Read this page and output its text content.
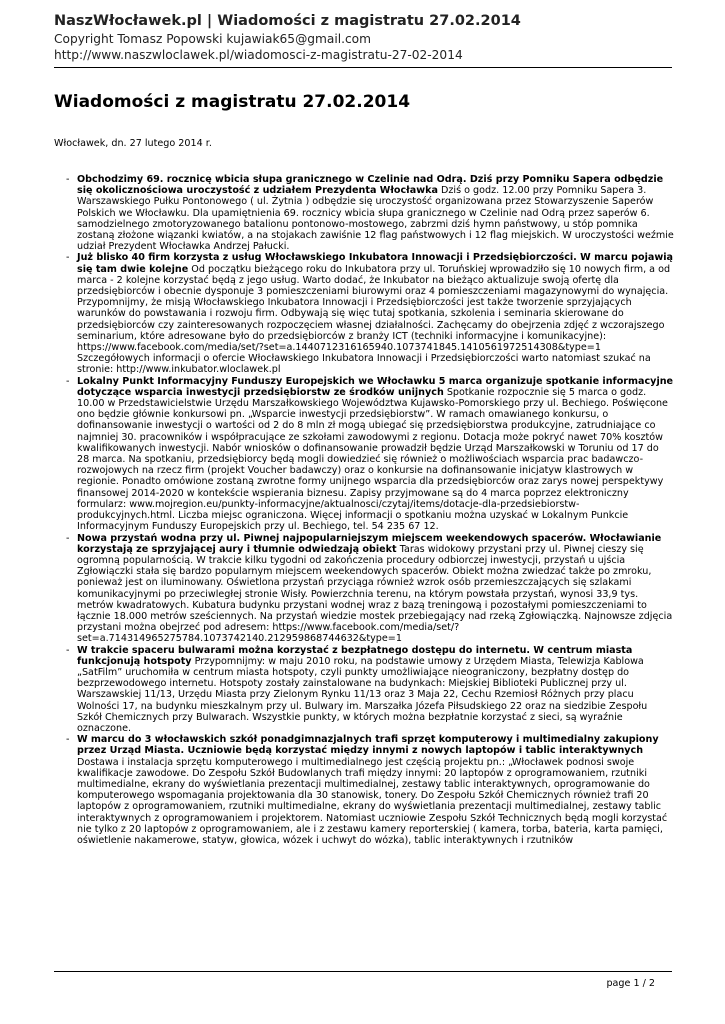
NaszWłocławek.pl | Wiadomości z magistratu 27.02.2014
Copyright Tomasz Popowski kujawiak65@gmail.com
http://www.naszwloclawek.pl/wiadomosci-z-magistratu-27-02-2014
Wiadomości z magistratu 27.02.2014
Włocławek, dn. 27 lutego 2014 r.
- Obchodzimy 69. rocznicę wbicia słupa granicznego w Czelinie nad Odrą. Dziś przy Pomniku Sapera odbędzie się okolicznościowa uroczystość z udziałem Prezydenta Włocławka Dziś o godz. 12.00 przy Pomniku Sapera 3. Warszawskiego Pułku Pontonowego ( ul. Żytnia ) odbędzie się uroczystość organizowana przez Stowarzyszenie Saperów Polskich we Włocławku. Dla upamiętnienia 69. rocznicy wbicia słupa granicznego w Czelinie nad Odrą przez saperów 6. samodzielnego zmotoryzowanego batalionu pontonowo-mostowego, zabrzmi dziś hymn państwowy, u stóp pomnika zostaną złożone wiązanki kwiatów, a na stojakach zawiśnie 12 flag państwowych i 12 flag miejskich. W uroczystości weźmie udział Prezydent Włocławka Andrzej Pałucki.
- Już blisko 40 firm korzysta z usług Włocławskiego Inkubatora Innowacji i Przedsiębiorczości. W marcu pojawią się tam dwie kolejne Od początku bieżącego roku do Inkubatora przy ul. Toruńskiej wprowadziło się 10 nowych firm, a od marca - 2 kolejne korzystać będą z jego usług. Warto dodać, że Inkubator na bieżąco aktualizuje swoją ofertę dla przedsiębiorców i obecnie dysponuje 3 pomieszczeniami biurowymi oraz 4 pomieszczeniami magazynowymi do wynajęcia. Przypomnijmy, że misją Włocławskiego Inkubatora Innowacji i Przedsiębiorczości jest także tworzenie sprzyjających warunków do powstawania i rozwoju firm. Odbywają się więc tutaj spotkania, szkolenia i seminaria skierowane do przedsiębiorców czy zainteresowanych rozpoczęciem własnej działalności. Zachęcamy do obejrzenia zdjęć z wczorajszego seminarium, które adresowane było do przedsiębiorców z branży ICT (techniki informacyjne i komunikacyjne): https://www.facebook.com/media/set/?set=a.1440712316165940.1073741845.1410561972514308&type=1 Szczegółowych informacji o ofercie Włocławskiego Inkubatora Innowacji i Przedsiębiorczości warto natomiast szukać na stronie: http://www.inkubator.wloclawek.pl
- Lokalny Punkt Informacyjny Funduszy Europejskich we Włocławku 5 marca organizuje spotkanie informacyjne dotyczące wsparcia inwestycji przedsiębiorstw ze środków unijnych Spotkanie rozpocznie się 5 marca o godz. 10.00 w Przedstawicielstwie Urzędu Marszałkowskiego Województwa Kujawsko-Pomorskiego przy ul. Bechiego. Poświęcone ono będzie głównie konkursowi pn. „Wsparcie inwestycji przedsiębiorstw”. W ramach omawianego konkursu, o dofinansowanie inwestycji o wartości od 2 do 8 mln zł mogą ubiegać się przedsiębiorstwa produkcyjne, zatrudniające co najmniej 30. pracowników i współpracujące ze szkołami zawodowymi z regionu. Dotacja może pokryć nawet 70% kosztów kwalifikowanych inwestycji. Nabór wniosków o dofinansowanie prowadził będzie Urząd Marszałkowski w Toruniu od 17 do 28 marca. Na spotkaniu, przedsiębiorcy będą mogli dowiedzieć się również o możliwościach wsparcia prac badawczo-rozwojowych na rzecz firm (projekt Voucher badawczy) oraz o konkursie na dofinansowanie inicjatyw klastrowych w regionie. Ponadto omówione zostaną zwrotne formy unijnego wsparcia dla przedsiębiorców oraz zarys nowej perspektywy finansowej 2014-2020 w kontekście wspierania biznesu. Zapisy przyjmowane są do 4 marca poprzez elektroniczny formularz: www.mojregion.eu/punkty-informacyjne/aktualnosci/czytaj/items/dotacje-dla-przedsiebiorstw-produkcyjnych.html. Liczba miejsc ograniczona. Więcej informacji o spotkaniu można uzyskać w Lokalnym Punkcie Informacyjnym Funduszy Europejskich przy ul. Bechiego, tel. 54 235 67 12.
- Nowa przystań wodna przy ul. Piwnej najpopularniejszym miejscem weekendowych spacerów. Włocławianie korzystają ze sprzyjającej aury i tłumnie odwiedzają obiekt Taras widokowy przystani przy ul. Piwnej cieszy się ogromną popularnością. W trakcie kilku tygodni od zakończenia procedury odbiorczej inwestycji, przystań u ujścia Zgłowiączki stała się bardzo popularnym miejscem weekendowych spacerów. Obiekt można zwiedzać także po zmroku, ponieważ jest on iluminowany. Oświetlona przystań przyciąga również wzrok osób przemieszczających się szlakami komunikacyjnymi po przeciwległej stronie Wisły. Powierzchnia terenu, na którym powstała przystań, wynosi 33,9 tys. metrów kwadratowych. Kubatura budynku przystani wodnej wraz z bazą treningową i pozostałymi pomieszczeniami to łącznie 18.000 metrów sześciennych. Na przystań wiedzie mostek przebiegający nad rzeką Zgłowiączką. Najnowsze zdjęcia przystani można obejrzeć pod adresem: https://www.facebook.com/media/set/?set=a.714314965275784.1073742140.212959868744632&type=1
- W trakcie spaceru bulwarami można korzystać z bezpłatnego dostępu do internetu. W centrum miasta funkcjonują hotspoty Przypomnijmy: w maju 2010 roku, na podstawie umowy z Urzędem Miasta, Telewizja Kablowa „SatFilm” uruchomiła w centrum miasta hotspoty, czyli punkty umożliwiające nieograniczony, bezpłatny dostęp do bezprzewodowego internetu. Hotspoty zostały zainstalowane na budynkach: Miejskiej Biblioteki Publicznej przy ul. Warszawskiej 11/13, Urzędu Miasta przy Zielonym Rynku 11/13 oraz 3 Maja 22, Cechu Rzemiosł Różnych przy placu Wolności 17, na budynku mieszkalnym przy ul. Bulwary im. Marszałka Józefa Piłsudskiego 22 oraz na siedzibie Zespołu Szkół Chemicznych przy Bulwarach. Wszystkie punkty, w których można bezpłatnie korzystać z sieci, są wyraźnie oznaczone.
- W marcu do 3 włocławskich szkół ponadgimnazjalnych trafi sprzęt komputerowy i multimedialny zakupiony przez Urząd Miasta. Uczniowie będą korzystać między innymi z nowych laptopów i tablic interaktywnych Dostawa i instalacja sprzętu komputerowego i multimedialnego jest częścią projektu pn.: „Włocławek podnosi swoje kwalifikacje zawodowe. Do Zespołu Szkół Budowlanych trafi między innymi: 20 laptopów z oprogramowaniem, rzutniki multimedialne, ekrany do wyświetlania prezentacji multimedialnej, zestawy tablic interaktywnych, oprogramowanie do komputerowego wspomagania projektowania dla 30 stanowisk, tonery. Do Zespołu Szkół Chemicznych również trafi 20 laptopów z oprogramowaniem, rzutniki multimedialne, ekrany do wyświetlania prezentacji multimedialnej, zestawy tablic interaktywnych z oprogramowaniem i projektorem. Natomiast uczniowie Zespołu Szkół Technicznych będą mogli korzystać nie tylko z 20 laptopów z oprogramowaniem, ale i z zestawu kamery reporterskiej ( kamera, torba, bateria, karta pamięci, oświetlenie nakamerowe, statyw, głowica, wózek i uchwyt do wózka), tablic interaktywnych i rzutników
page 1 / 2
